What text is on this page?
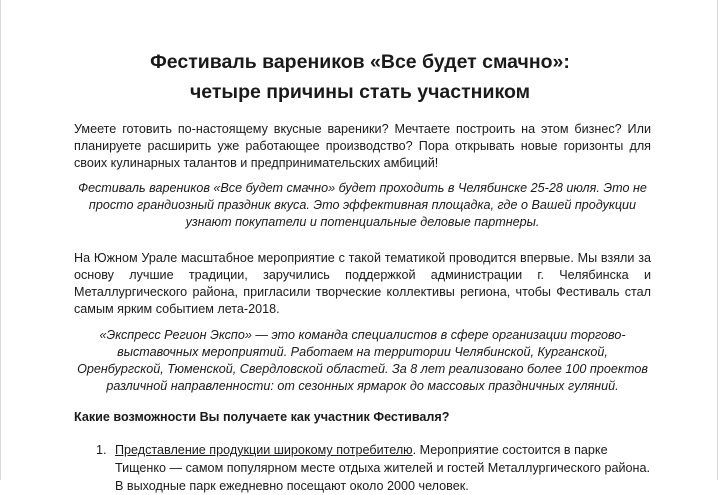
Фестиваль вареников «Все будет смачно»:
четыре причины стать участником

Умеете готовить по-настоящему вкусные вареники? Мечтаете построить на этом бизнес? Или планируете расширить уже работающее производство? Пора открывать новые горизонты для своих кулинарных талантов и предпринимательских амбиций!

Фестиваль вареников «Все будет смачно» будет проходить в Челябинске 25-28 июля. Это не просто грандиозный праздник вкуса. Это эффективная площадка, где о Вашей продукции узнают покупатели и потенциальные деловые партнеры.

На Южном Урале масштабное мероприятие с такой тематикой проводится впервые. Мы взяли за основу лучшие традиции, заручились поддержкой администрации г. Челябинска и Металлургического района, пригласили творческие коллективы региона, чтобы Фестиваль стал самым ярким событием лета-2018.

«Экспресс Регион Экспо» — это команда специалистов в сфере организации торгово-выставочных мероприятий. Работаем на территории Челябинской, Курганской, Оренбургской, Тюменской, Свердловской областей. За 8 лет реализовано более 100 проектов различной направленности: от сезонных ярмарок до массовых праздничных гуляний.

Какие возможности Вы получаете как участник Фестиваля?

1. Представление продукции широкому потребителю. Мероприятие состоится в парке Тищенко — самом популярном месте отдыха жителей и гостей Металлургического района. В выходные парк ежедневно посещают около 2000 человек.
